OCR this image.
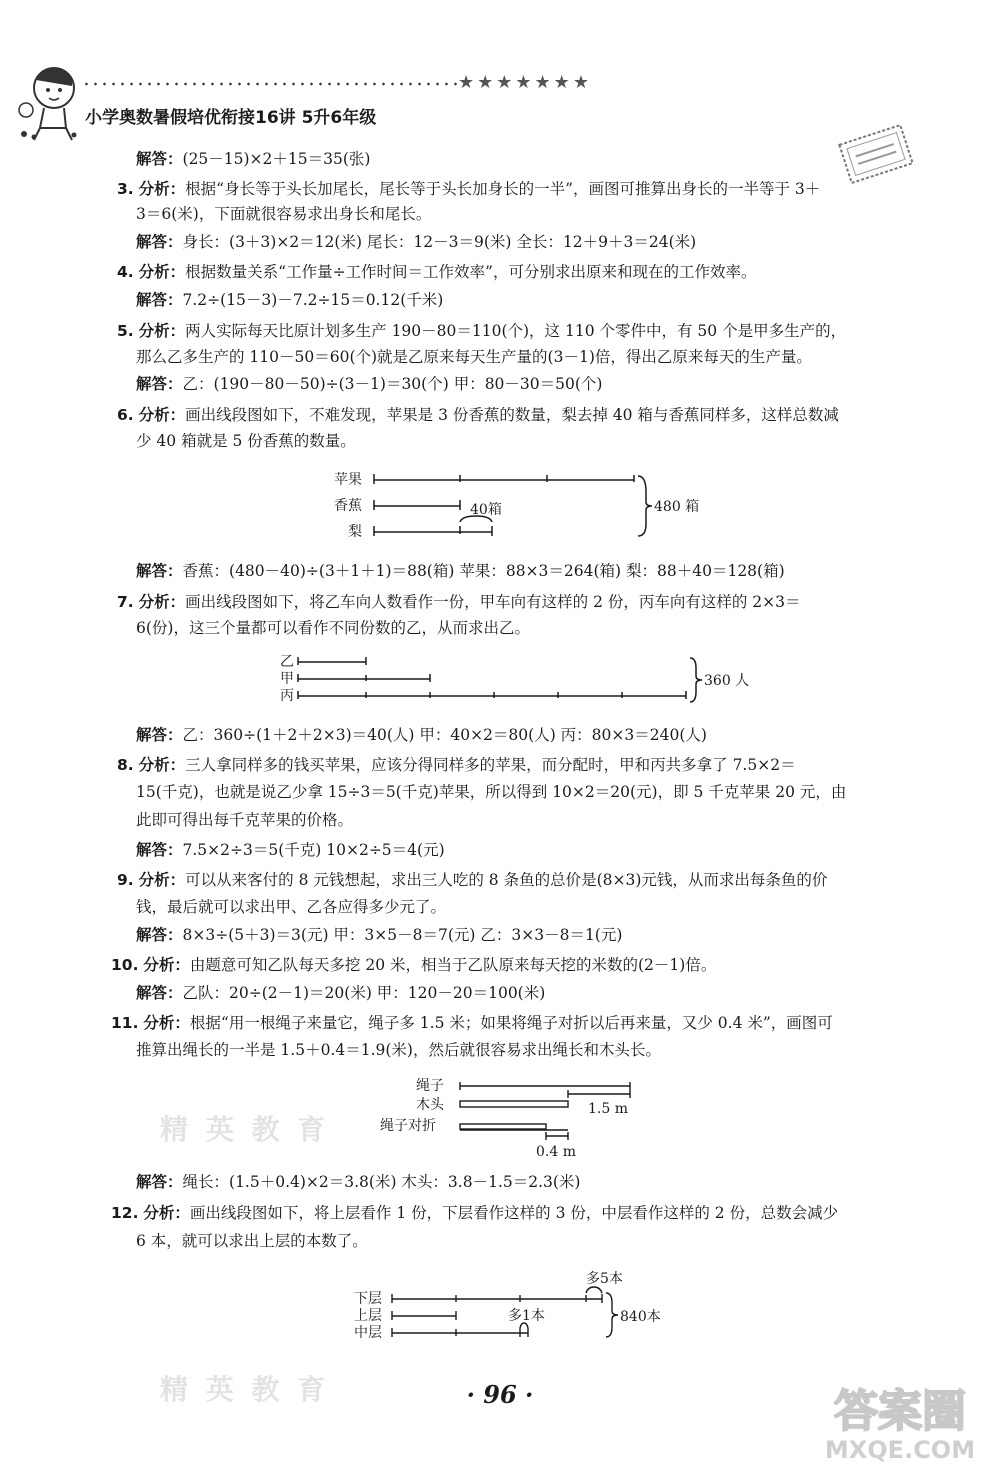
★★★★★★★
小学奥数暑假培优衔接16讲 5升6年级
解答：(25－15)×2＋15＝35(张)
3. 分析：根据“身长等于头长加尾长，尾长等于头长加身长的一半”，画图可推算出身长的一半等于 3＋
3＝6(米)，下面就很容易求出身长和尾长。
解答：身长：(3＋3)×2＝12(米) 尾长：12－3＝9(米) 全长：12＋9＋3＝24(米)
4. 分析：根据数量关系“工作量÷工作时间＝工作效率”，可分别求出原来和现在的工作效率。
解答：7.2÷(15－3)－7.2÷15＝0.12(千米)
5. 分析：两人实际每天比原计划多生产 190－80＝110(个)，这 110 个零件中，有 50 个是甲多生产的，
那么乙多生产的 110－50＝60(个)就是乙原来每天生产量的(3－1)倍，得出乙原来每天的生产量。
解答：乙：(190－80－50)÷(3－1)＝30(个) 甲：80－30＝50(个)
6. 分析：画出线段图如下，不难发现，苹果是 3 份香蕉的数量，梨去掉 40 箱与香蕉同样多，这样总数减
少 40 箱就是 5 份香蕉的数量。
苹果
香蕉
梨
40箱	480 箱
解答：香蕉：(480－40)÷(3＋1＋1)＝88(箱) 苹果：88×3＝264(箱) 梨：88＋40＝128(箱)
7. 分析：画出线段图如下，将乙车向人数看作一份，甲车向有这样的 2 份，丙车向有这样的 2×3＝
6(份)，这三个量都可以看作不同份数的乙，从而求出乙。
乙
甲
丙
360 人
解答：乙：360÷(1＋2＋2×3)＝40(人) 甲：40×2＝80(人) 丙：80×3＝240(人)
8. 分析：三人拿同样多的钱买苹果，应该分得同样多的苹果，而分配时，甲和丙共多拿了 7.5×2＝
15(千克)，也就是说乙少拿 15÷3＝5(千克)苹果，所以得到 10×2＝20(元)，即 5 千克苹果 20 元，由
此即可得出每千克苹果的价格。
解答：7.5×2÷3＝5(千克) 10×2÷5＝4(元)
9. 分析：可以从来客付的 8 元钱想起，求出三人吃的 8 条鱼的总价是(8×3)元钱，从而求出每条鱼的价
钱，最后就可以求出甲、乙各应得多少元了。
解答：8×3÷(5＋3)＝3(元) 甲：3×5－8＝7(元) 乙：3×3－8＝1(元)
10. 分析：由题意可知乙队每天多挖 20 米，相当于乙队原来每天挖的米数的(2－1)倍。
解答：乙队：20÷(2－1)＝20(米) 甲：120－20＝100(米)
11. 分析：根据“用一根绳子来量它，绳子多 1.5 米；如果将绳子对折以后再来量，又少 0.4 米”，画图可
推算出绳长的一半是 1.5＋0.4＝1.9(米)，然后就很容易求出绳长和木头长。
精 英 教 育
绳子
木头
绳子对折
1.5 m
0.4 m
解答：绳长：(1.5＋0.4)×2＝3.8(米) 木头：3.8－1.5＝2.3(米)
12. 分析：画出线段图如下，将上层看作 1 份，下层看作这样的 3 份，中层看作这样的 2 份，总数会减少
6 本，就可以求出上层的本数了。
多5本
下层
上层
中层
多1本	840本
精 英 教 育	· 96 ·	答案圈
MXQE.COM
